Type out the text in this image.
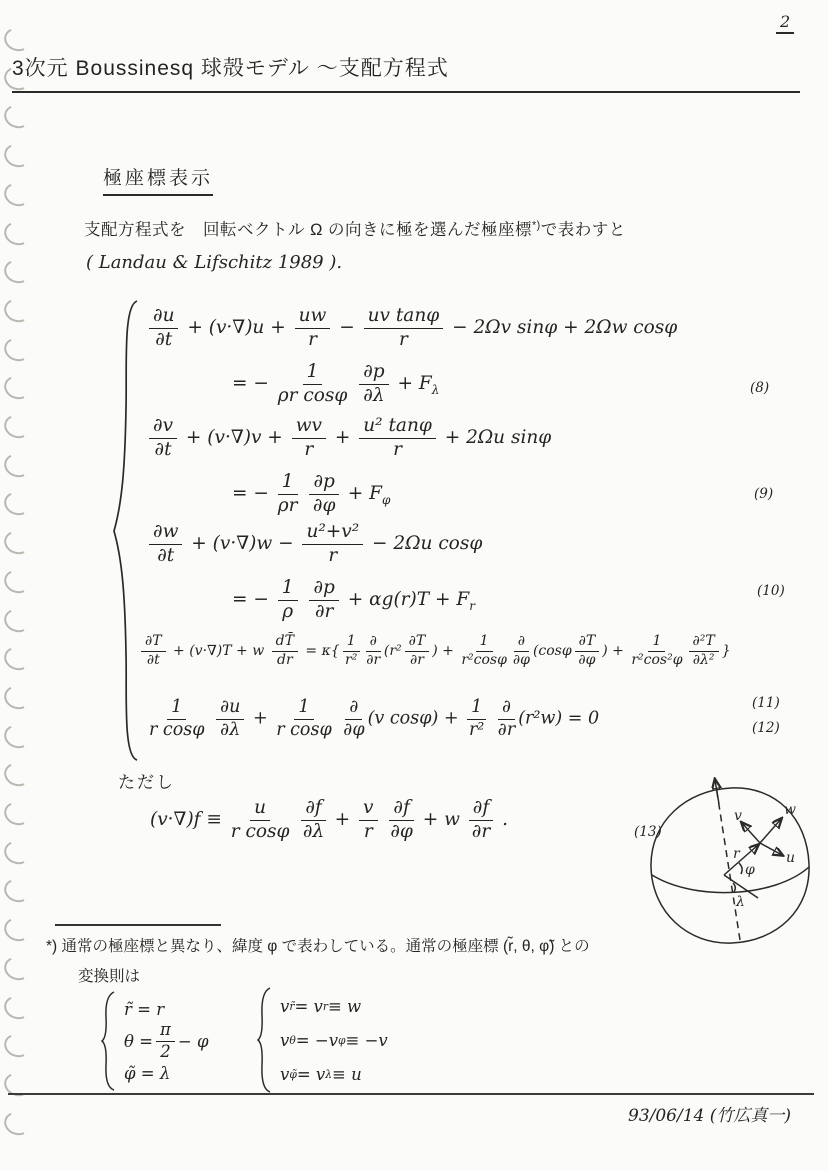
2
3次元 Boussinesq 球殻モデル 〜支配方程式
極座標表示
支配方程式を　回転ベクトル Ω の向きに極を選んだ極座標*)で表わすと
( Landau & Lifschitz 1989 ).
$\frac{\partial u}{\partial t} + (v\cdot\nabla)u + \frac{uw}{r} - \frac{\text{uv tanφ}}{r} - 2\Omega v$ sinφ + 2Ωw cosφ
= − $\frac{1}{\text{ρr cosφ}}$
$\frac{\partial p}{\partial\lambda} + F_\lambda$	(8)
$\frac{\partial v}{\partial t} + (v\cdot\nabla)v + \frac{wv}{r} + \frac{\text{u² tanφ}}{r} + 2\Omega u$ sinφ
= − $\frac{1}{\rho r}$
$\frac{\partial p}{\partial\varphi} + F_\varphi$	(9)
$\frac{\partial w}{\partial t} + (v\cdot\nabla)w - \frac{\text{u²+v²}}{r} - 2\Omega u$ cosφ
= − $\frac{1}{\rho}$
$\frac{\partial p}{\partial r} + \alpha g(r)T + F_r$
(10)
$\frac{\partial T}{\partial t} + (v\cdot\nabla)T + w \frac{dT̄}{dr} = \kappa\{ \frac{1}{\text{r²}} \frac{\partial}{\partial r} (r^2 \frac{\partial T}{\partial r}$ ) + $\frac{1}{\text{r²cosφ}} \frac{\partial}{\partial\varphi} (\cos\varphi \frac{\partial T}{\partial\varphi}$ ) + $\frac{1}{\text{r²cos²φ}} \frac{\text{∂²T}}{\text{∂λ²}}$ }
(11)
$\frac{1}{\text{r cosφ}}$
$\frac{\partial u}{\partial\lambda} + \frac{1}{\text{r cosφ}}$
$\frac{\partial}{\partial\varphi} (v$ $\cos\varphi) + \frac{1}{\text{r²}}$
$\frac{\partial}{\partial r} (r^2w) = 0$	(12)
ただし
$(v\cdot\nabla)f \equiv \frac{u}{\text{r cosφ}}$
$\frac{\partial f}{\partial\lambda} + \frac{v}{r}$
$\frac{\partial f}{\partial\varphi} + w \frac{\partial f}{\partial r}$ .
(13)
v	w
u
r
φ
λ
*) 通常の極座標と異なり、緯度 φ で表わしている。通常の極座標 (r̃, θ, φ̃) との
変換則は
r̃ = r
$\theta = \frac{\pi}{2} - \varphi$
φ̃ = λ
v r̃ = v r ≡ w
v θ = −v φ ≡ −v
v φ̃ = v λ ≡ u
93/06/14 (竹広真一)
